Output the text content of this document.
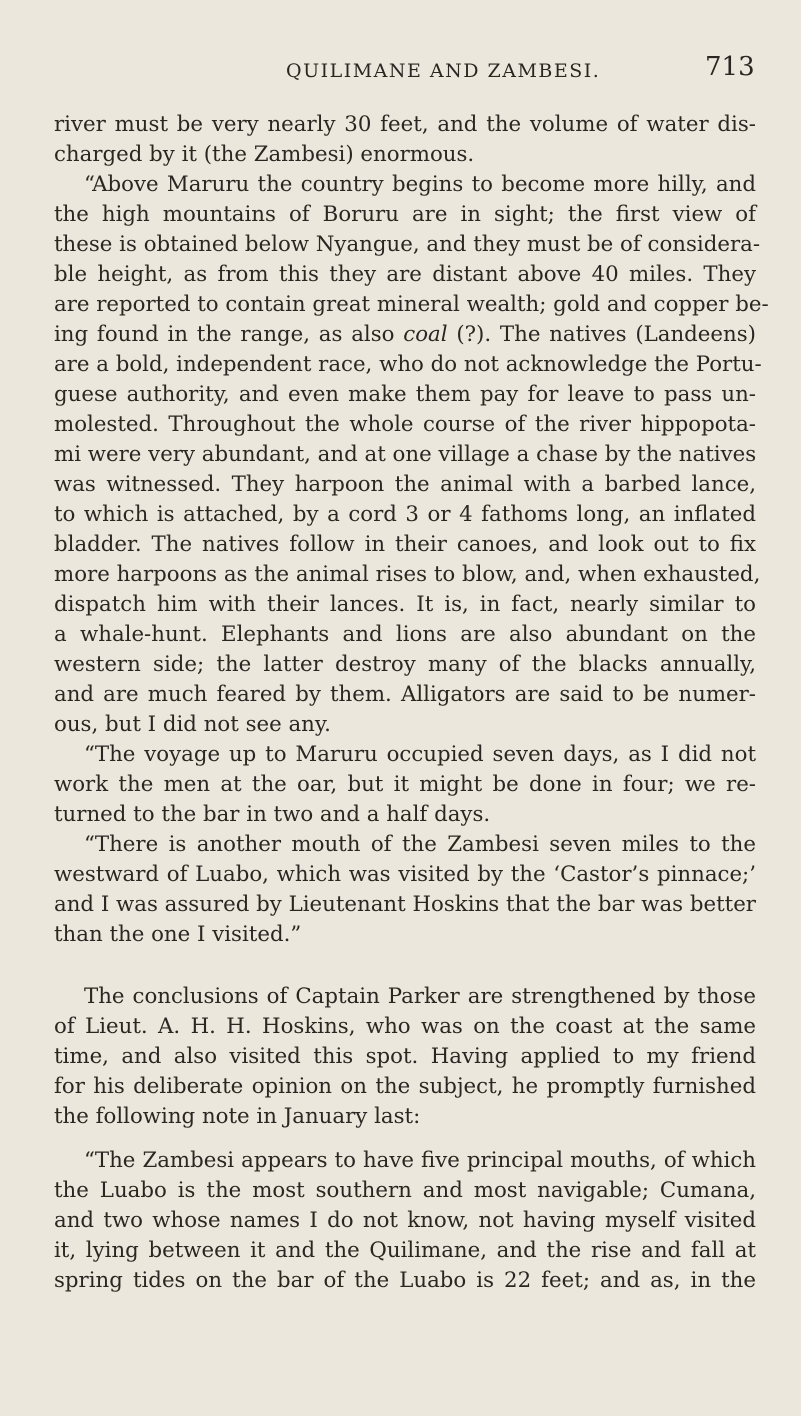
QUILIMANE AND ZAMBESI.	713
river must be very nearly 30 feet, and the volume of water dis-
charged by it (the Zambesi) enormous.
“Above Maruru the country begins to become more hilly, and
the high mountains of Boruru are in sight; the first view of
these is obtained below Nyangue, and they must be of considera-
ble height, as from this they are distant above 40 miles. They
are reported to contain great mineral wealth; gold and copper be-
ing found in the range, as also coal (?). The natives (Landeens)
are a bold, independent race, who do not acknowledge the Portu-
guese authority, and even make them pay for leave to pass un-
molested. Throughout the whole course of the river hippopota-
mi were very abundant, and at one village a chase by the natives
was witnessed. They harpoon the animal with a barbed lance,
to which is attached, by a cord 3 or 4 fathoms long, an inflated
bladder. The natives follow in their canoes, and look out to fix
more harpoons as the animal rises to blow, and, when exhausted,
dispatch him with their lances. It is, in fact, nearly similar to
a whale-hunt. Elephants and lions are also abundant on the
western side; the latter destroy many of the blacks annually,
and are much feared by them. Alligators are said to be numer-
ous, but I did not see any.
“The voyage up to Maruru occupied seven days, as I did not
work the men at the oar, but it might be done in four; we re-
turned to the bar in two and a half days.
“There is another mouth of the Zambesi seven miles to the
westward of Luabo, which was visited by the ‘Castor’s pinnace;’
and I was assured by Lieutenant Hoskins that the bar was better
than the one I visited.”
The conclusions of Captain Parker are strengthened by those
of Lieut. A. H. H. Hoskins, who was on the coast at the same
time, and also visited this spot. Having applied to my friend
for his deliberate opinion on the subject, he promptly furnished
the following note in January last:
“The Zambesi appears to have five principal mouths, of which
the Luabo is the most southern and most navigable; Cumana,
and two whose names I do not know, not having myself visited
it, lying between it and the Quilimane, and the rise and fall at
spring tides on the bar of the Luabo is 22 feet; and as, in the
